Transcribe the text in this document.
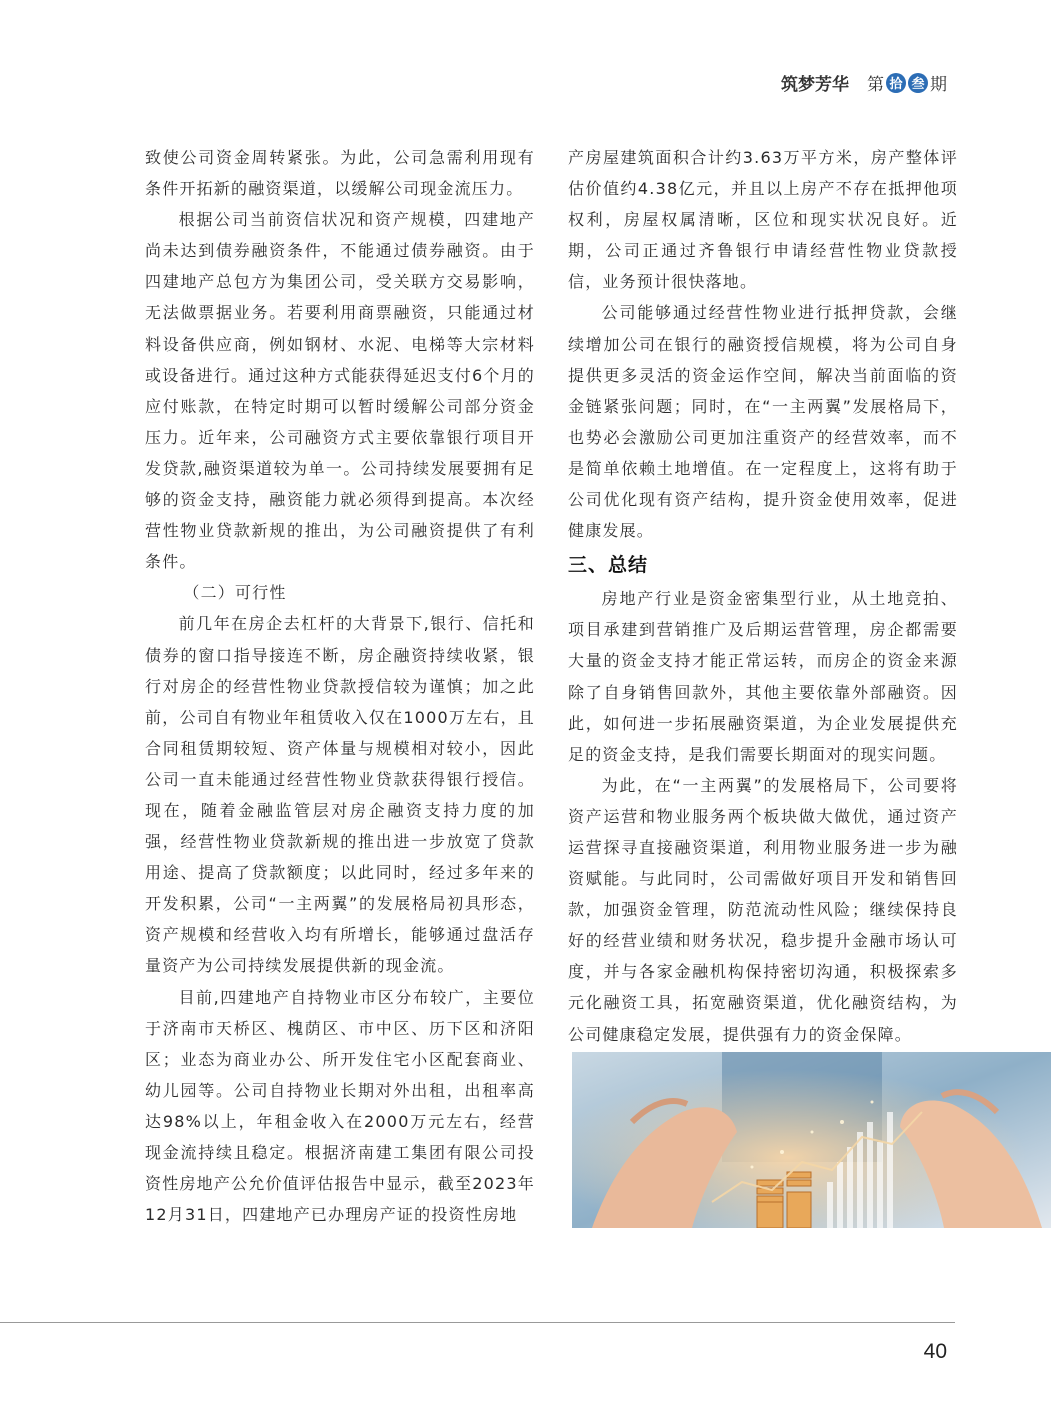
筑梦芳华 第 拾 叁 期

致使公司资金周转紧张。为此，公司急需利用现有条件开拓新的融资渠道，以缓解公司现金流压力。

根据公司当前资信状况和资产规模，四建地产尚未达到债券融资条件，不能通过债券融资。由于四建地产总包方为集团公司，受关联方交易影响，无法做票据业务。若要利用商票融资，只能通过材料设备供应商，例如钢材、水泥、电梯等大宗材料或设备进行。通过这种方式能获得延迟支付6个月的应付账款，在特定时期可以暂时缓解公司部分资金压力。近年来，公司融资方式主要依靠银行项目开发贷款,融资渠道较为单一。公司持续发展要拥有足够的资金支持，融资能力就必须得到提高。本次经营性物业贷款新规的推出，为公司融资提供了有利条件。

（二）可行性

前几年在房企去杠杆的大背景下,银行、信托和债券的窗口指导接连不断，房企融资持续收紧，银行对房企的经营性物业贷款授信较为谨慎；加之此前，公司自有物业年租赁收入仅在1000万左右，且合同租赁期较短、资产体量与规模相对较小，因此公司一直未能通过经营性物业贷款获得银行授信。现在，随着金融监管层对房企融资支持力度的加强，经营性物业贷款新规的推出进一步放宽了贷款用途、提高了贷款额度；以此同时，经过多年来的开发积累，公司“一主两翼”的发展格局初具形态，资产规模和经营收入均有所增长，能够通过盘活存量资产为公司持续发展提供新的现金流。

目前,四建地产自持物业市区分布较广，主要位于济南市天桥区、槐荫区、市中区、历下区和济阳区；业态为商业办公、所开发住宅小区配套商业、幼儿园等。公司自持物业长期对外出租，出租率高达98%以上，年租金收入在2000万元左右，经营现金流持续且稳定。根据济南建工集团有限公司投资性房地产公允价值评估报告中显示，截至2023年12月31日，四建地产已办理房产证的投资性房地

产房屋建筑面积合计约3.63万平方米，房产整体评估价值约4.38亿元，并且以上房产不存在抵押他项权利，房屋权属清晰，区位和现实状况良好。近期，公司正通过齐鲁银行申请经营性物业贷款授信，业务预计很快落地。

公司能够通过经营性物业进行抵押贷款，会继续增加公司在银行的融资授信规模，将为公司自身提供更多灵活的资金运作空间，解决当前面临的资金链紧张问题；同时，在“一主两翼”发展格局下，也势必会激励公司更加注重资产的经营效率，而不是简单依赖土地增值。在一定程度上，这将有助于公司优化现有资产结构，提升资金使用效率，促进健康发展。

三、总结

房地产行业是资金密集型行业，从土地竞拍、项目承建到营销推广及后期运营管理，房企都需要大量的资金支持才能正常运转，而房企的资金来源除了自身销售回款外，其他主要依靠外部融资。因此，如何进一步拓展融资渠道，为企业发展提供充足的资金支持，是我们需要长期面对的现实问题。

为此，在“一主两翼”的发展格局下，公司要将资产运营和物业服务两个板块做大做优，通过资产运营探寻直接融资渠道，利用物业服务进一步为融资赋能。与此同时，公司需做好项目开发和销售回款，加强资金管理，防范流动性风险；继续保持良好的经营业绩和财务状况，稳步提升金融市场认可度，并与各家金融机构保持密切沟通，积极探索多元化融资工具，拓宽融资渠道，优化融资结构，为公司健康稳定发展，提供强有力的资金保障。

40
